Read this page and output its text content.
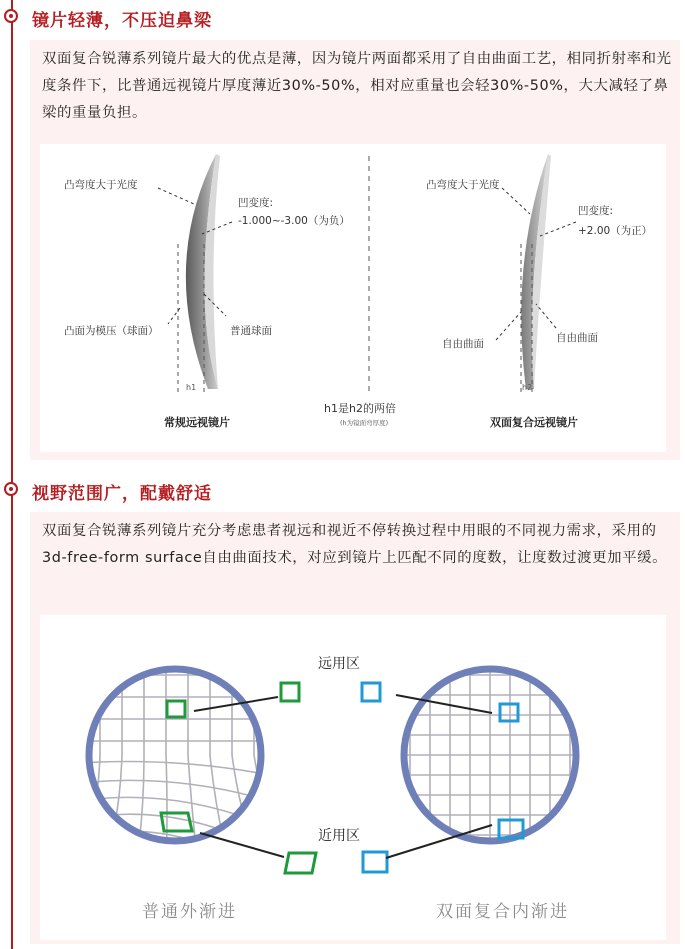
镜片轻薄，不压迫鼻梁
双面复合锐薄系列镜片最大的优点是薄，因为镜片两面都采用了自由曲面工艺，相同折射率和光度条件下，比普通远视镜片厚度薄近30%-50%，相对应重量也会轻30%-50%，大大减轻了鼻梁的重量负担。
凸弯度大于光度
凹变度:
-1.000~-3.00（为负）
凸面为模压（球面）	普通球面
h1
常规远视镜片
h1是h2的两倍
(h为镜面弯厚度)
凸弯度大于光度
凹变度:
+2.00（为正）
自由曲面	自由曲面
h2
双面复合远视镜片
视野范围广，配戴舒适
双面复合锐薄系列镜片充分考虑患者视远和视近不停转换过程中用眼的不同视力需求，采用的3d-free-form surface自由曲面技术，对应到镜片上匹配不同的度数，让度数过渡更加平缓。
远用区
近用区
普通外渐进	双面复合内渐进
